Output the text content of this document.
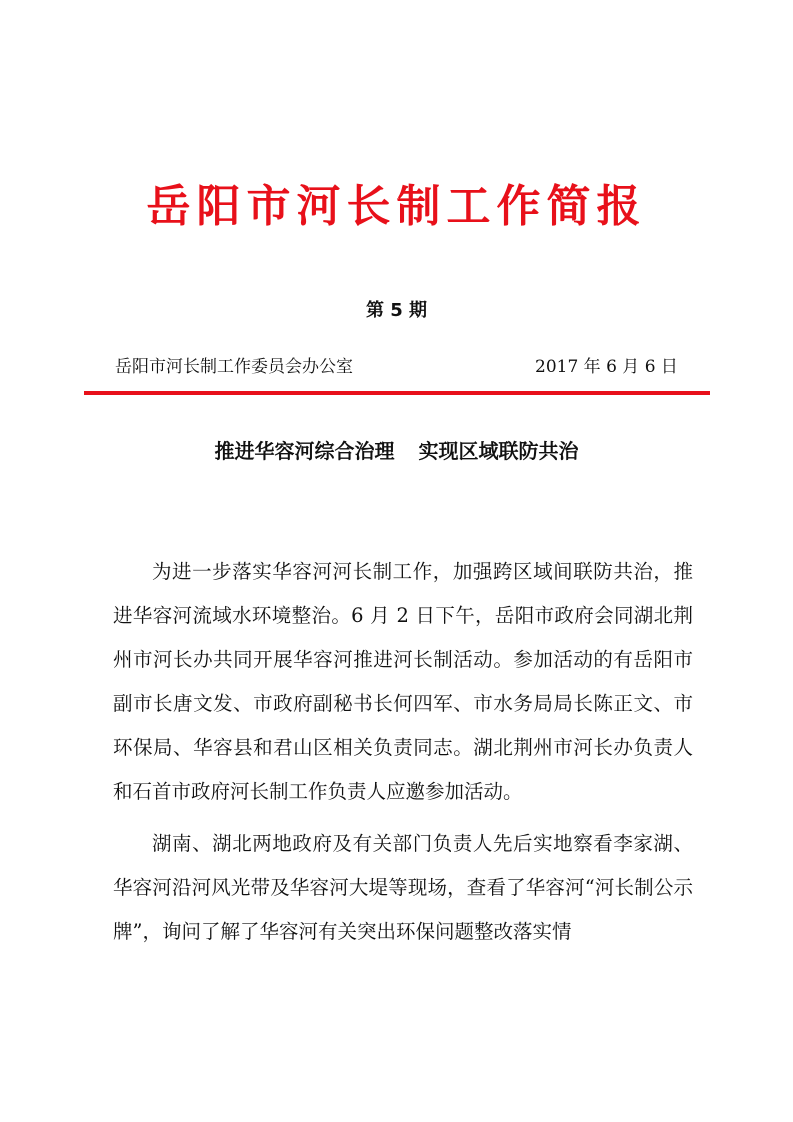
岳阳市河长制工作简报
第 5 期
岳阳市河长制工作委员会办公室	2017 年 6 月 6 日
推进华容河综合治理 实现区域联防共治

为进一步落实华容河河长制工作，加强跨区域间联防共治，推进华容河流域水环境整治。6 月 2 日下午，岳阳市政府会同湖北荆州市河长办共同开展华容河推进河长制活动。参加活动的有岳阳市副市长唐文发、市政府副秘书长何四军、市水务局局长陈正文、市环保局、华容县和君山区相关负责同志。湖北荆州市河长办负责人和石首市政府河长制工作负责人应邀参加活动。

湖南、湖北两地政府及有关部门负责人先后实地察看李家湖、华容河沿河风光带及华容河大堤等现场，查看了华容河“河长制公示牌”，询问了解了华容河有关突出环保问题整改落实情
